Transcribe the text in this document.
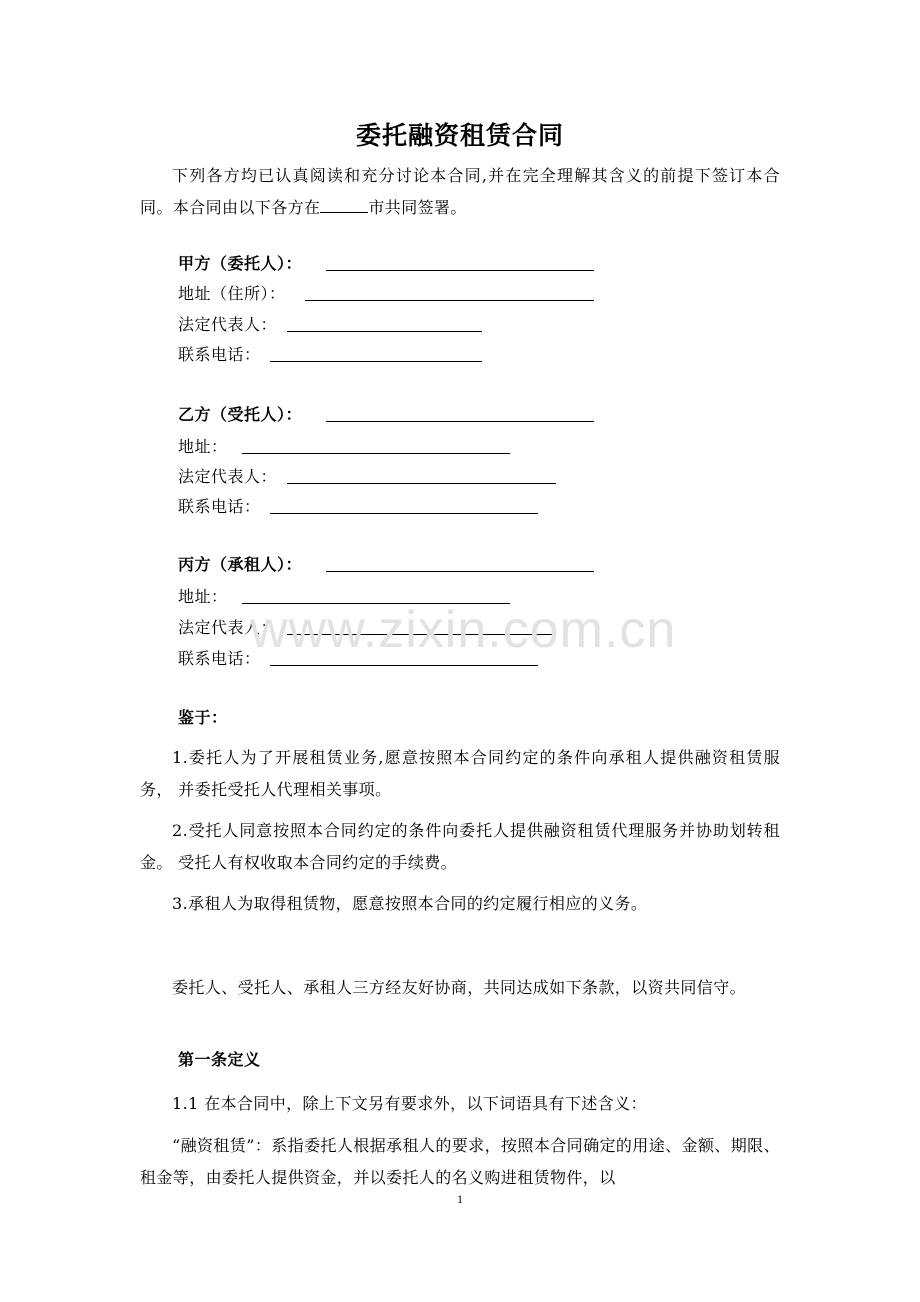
委托融资租赁合同
下列各方均已认真阅读和充分讨论本合同,并在完全理解其含义的前提下签订本合同。本合同由以下各方在	市共同签署。
甲方（委托人）：
地址（住所）：
法定代表人：
联系电话：
乙方（受托人）：
地址：
法定代表人：
联系电话：
丙方（承租人）：
地址：
法定代表人：
联系电话：
鉴于：
1.委托人为了开展租赁业务,愿意按照本合同约定的条件向承租人提供融资租赁服务， 并委托受托人代理相关事项。
2.受托人同意按照本合同约定的条件向委托人提供融资租赁代理服务并协助划转租金。 受托人有权收取本合同约定的手续费。
3.承租人为取得租赁物，愿意按照本合同的约定履行相应的义务。
委托人、受托人、承租人三方经友好协商，共同达成如下条款，以资共同信守。
第一条定义
1.1 在本合同中，除上下文另有要求外，以下词语具有下述含义：
“融资租赁”：系指委托人根据承租人的要求，按照本合同确定的用途、金额、期限、 租金等，由委托人提供资金，并以委托人的名义购进租赁物件，以
www.zixin.com.cn
1
